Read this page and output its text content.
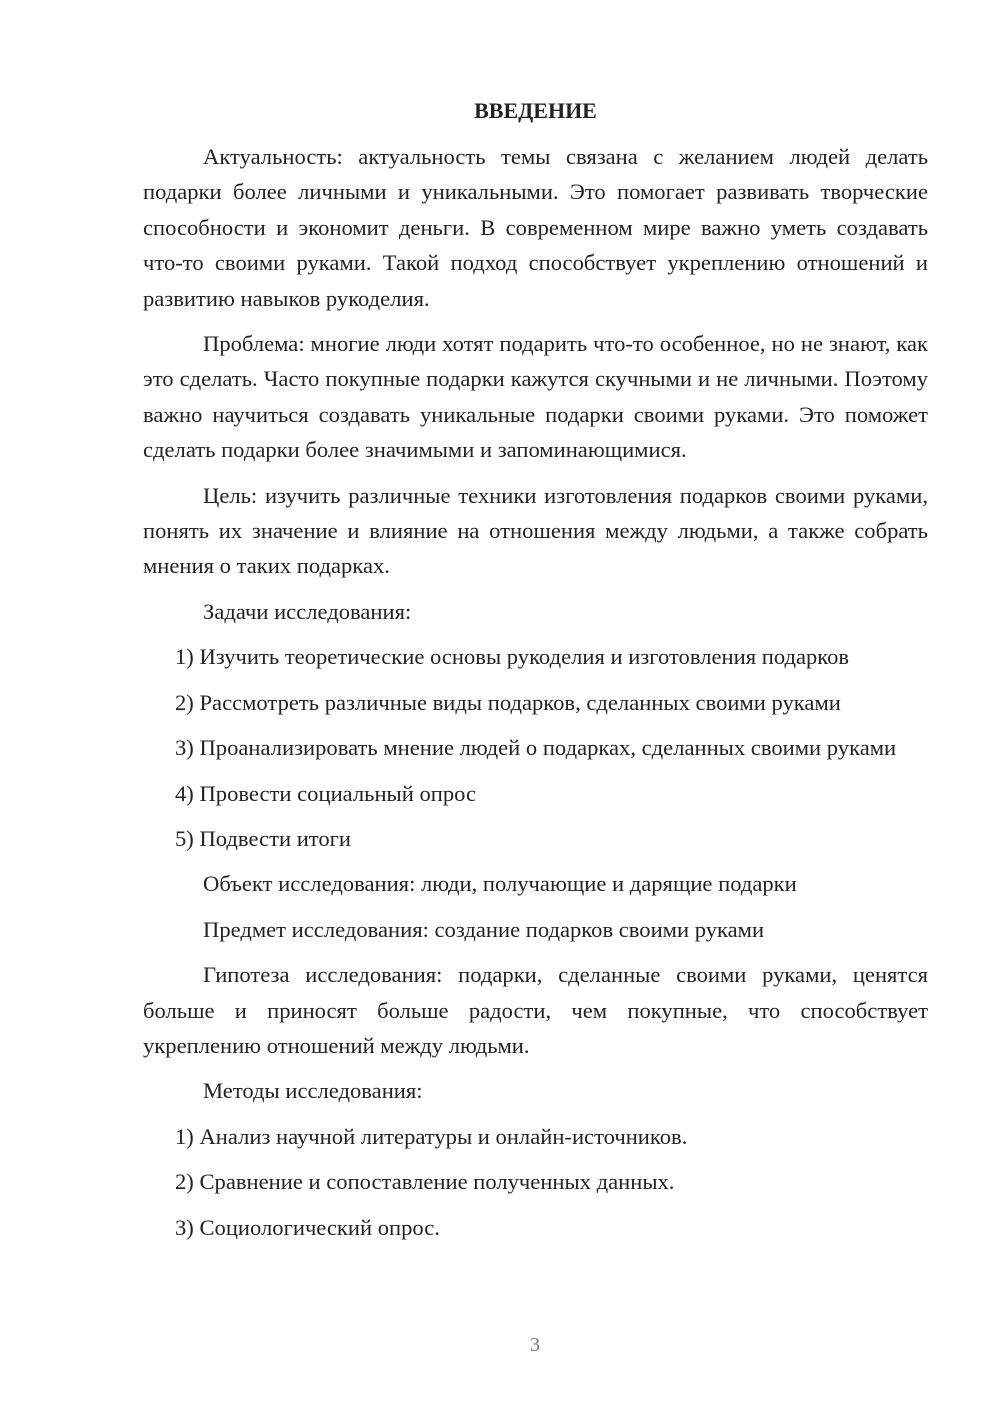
ВВЕДЕНИЕ

Актуальность: актуальность темы связана с желанием людей делать подарки более личными и уникальными. Это помогает развивать творческие способности и экономит деньги. В современном мире важно уметь создавать что-то своими руками. Такой подход способствует укреплению отношений и развитию навыков рукоделия.

Проблема: многие люди хотят подарить что-то особенное, но не знают, как это сделать. Часто покупные подарки кажутся скучными и не личными. Поэтому важно научиться создавать уникальные подарки своими руками. Это поможет сделать подарки более значимыми и запоминающимися.

Цель: изучить различные техники изготовления подарков своими руками, понять их значение и влияние на отношения между людьми, а также собрать мнения о таких подарках.

Задачи исследования:

1) Изучить теоретические основы рукоделия и изготовления подарков

2) Рассмотреть различные виды подарков, сделанных своими руками

3) Проанализировать мнение людей о подарках, сделанных своими руками

4) Провести социальный опрос

5) Подвести итоги

Объект исследования: люди, получающие и дарящие подарки

Предмет исследования: создание подарков своими руками

Гипотеза исследования: подарки, сделанные своими руками, ценятся больше и приносят больше радости, чем покупные, что способствует укреплению отношений между людьми.

Методы исследования:

1) Анализ научной литературы и онлайн-источников.

2) Сравнение и сопоставление полученных данных.

3) Социологический опрос.

3
